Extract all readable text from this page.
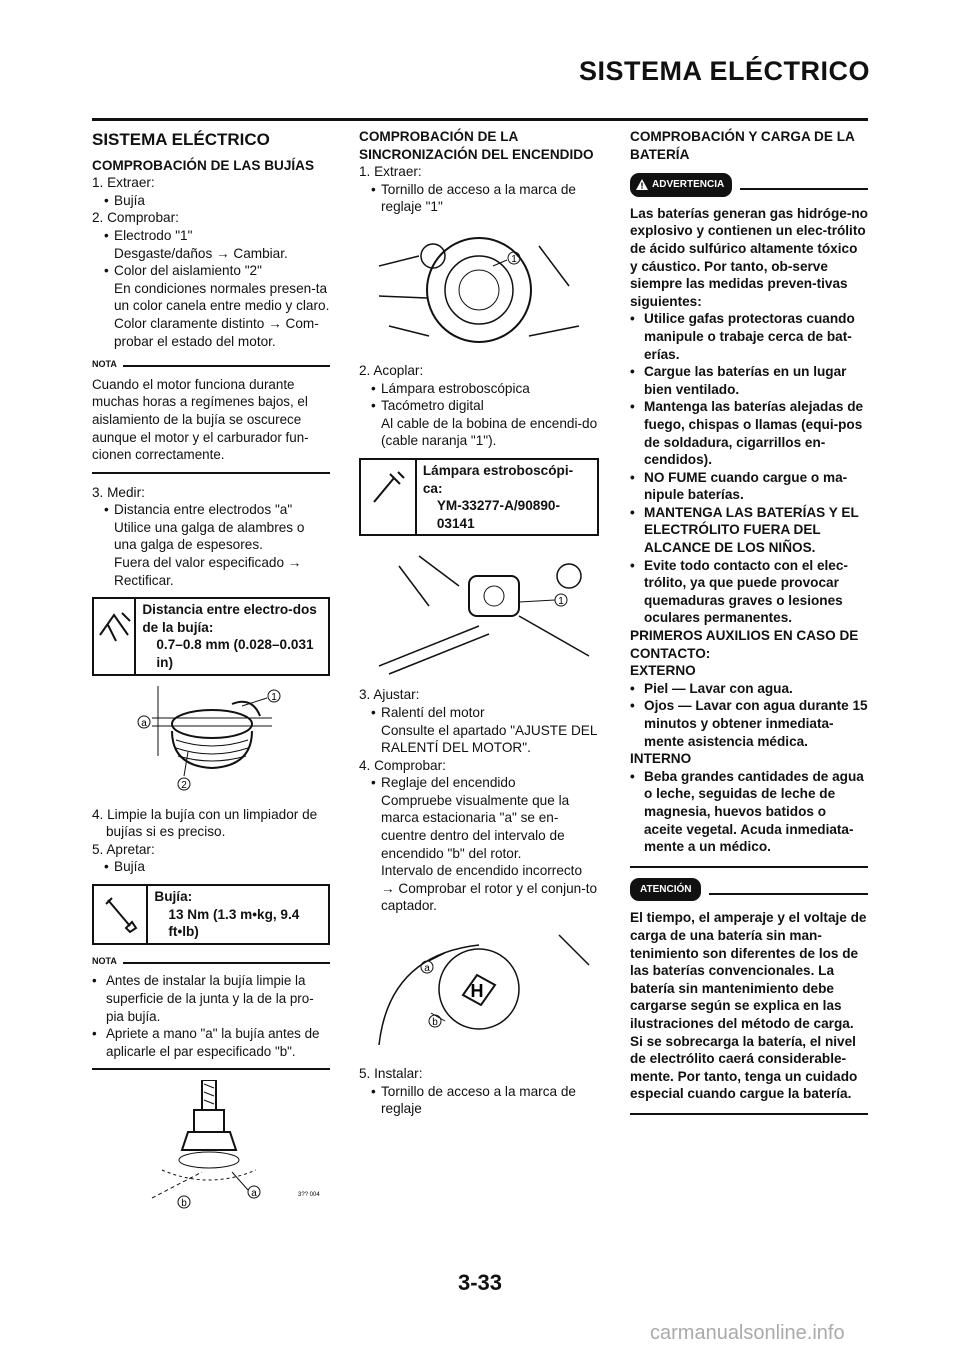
SISTEMA ELÉCTRICO
SISTEMA ELÉCTRICO
COMPROBACIÓN DE LAS BUJÍAS

1. Extraer:

• Bujía

2. Comprobar:

• Electrodo "1"

Desgaste/daños → Cambiar.

• Color del aislamiento "2"

En condiciones normales presen-ta un color canela entre medio y claro.

Color claramente distinto → Com-probar el estado del motor.

NOTA

Cuando el motor funciona durante muchas horas a regímenes bajos, el aislamiento de la bujía se oscurece aunque el motor y el carburador fun-cionen correctamente.

3. Medir:

• Distancia entre electrodos "a"

Utilice una galga de alambres o una galga de espesores.

Fuera del valor especificado → Rectificar.

Distancia entre electro-dos de la bujía:
0.7–0.8 mm (0.028–0.031 in)
a
1
2

4. Limpie la bujía con un limpiador de bujías si es preciso.

5. Apretar:

• Bujía

Bujía:
13 Nm (1.3 m•kg, 9.4 ft•lb)
NOTA

• Antes de instalar la bujía limpie la superficie de la junta y la de la pro-pia bujía.

• Apriete a mano "a" la bujía antes de aplicarle el par especificado "b".

a
b
3?? 004
COMPROBACIÓN DE LA SINCRONIZACIÓN DEL ENCENDIDO

1. Extraer:

• Tornillo de acceso a la marca de reglaje "1"

1

2. Acoplar:

• Lámpara estroboscópica

• Tacómetro digital

Al cable de la bobina de encendi-do (cable naranja "1").

Lámpara estroboscópi-ca:
YM-33277-A/90890-03141
1

3. Ajustar:

• Ralentí del motor

Consulte el apartado "AJUSTE DEL RALENTÍ DEL MOTOR".

4. Comprobar:

• Reglaje del encendido

Compruebe visualmente que la marca estacionaria "a" se en-cuentre dentro del intervalo de encendido "b" del rotor.

Intervalo de encendido incorrecto → Comprobar el rotor y el conjun-to captador.

H
a
b

5. Instalar:

• Tornillo de acceso a la marca de reglaje

COMPROBACIÓN Y CARGA DE LA BATERÍA
ADVERTENCIA

Las baterías generan gas hidróge-no explosivo y contienen un elec-trólito de ácido sulfúrico altamente tóxico y cáustico. Por tanto, ob-serve siempre las medidas preven-tivas siguientes:

• Utilice gafas protectoras cuando manipule o trabaje cerca de bat-erías.

• Cargue las baterías en un lugar bien ventilado.

• Mantenga las baterías alejadas de fuego, chispas o llamas (equi-pos de soldadura, cigarrillos en-cendidos).

• NO FUME cuando cargue o ma-nipule baterías.

• MANTENGA LAS BATERÍAS Y EL ELECTRÓLITO FUERA DEL ALCANCE DE LOS NIÑOS.

• Evite todo contacto con el elec-trólito, ya que puede provocar quemaduras graves o lesiones oculares permanentes.

PRIMEROS AUXILIOS EN CASO DE CONTACTO:

EXTERNO

• Piel — Lavar con agua.

• Ojos — Lavar con agua durante 15 minutos y obtener inmediata-mente asistencia médica.

INTERNO

• Beba grandes cantidades de agua o leche, seguidas de leche de magnesia, huevos batidos o aceite vegetal. Acuda inmediata-mente a un médico.

ATENCIÓN

El tiempo, el amperaje y el voltaje de carga de una batería sin man-tenimiento son diferentes de los de las baterías convencionales. La batería sin mantenimiento debe cargarse según se explica en las ilustraciones del método de carga. Si se sobrecarga la batería, el nivel de electrólito caerá considerable-mente. Por tanto, tenga un cuidado especial cuando cargue la batería.

3-33
carmanualsonline.info
